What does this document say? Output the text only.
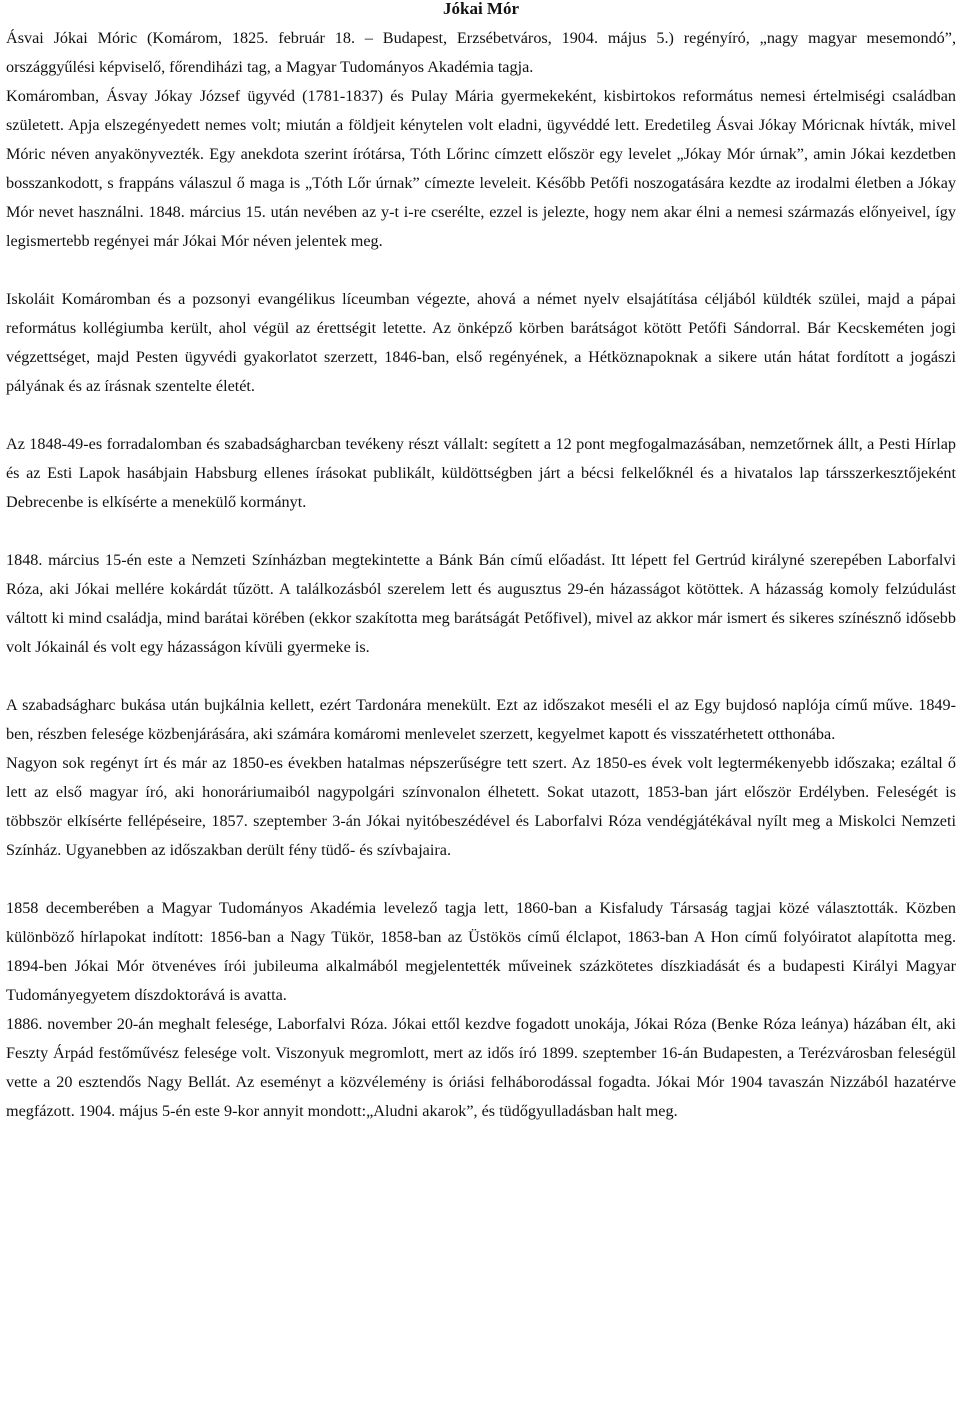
Jókai Mór

Ásvai Jókai Móric (Komárom, 1825. február 18. – Budapest, Erzsébetváros, 1904. május 5.) regényíró, „nagy magyar mesemondó”, országgyűlési képviselő, főrendiházi tag, a Magyar Tudományos Akadémia tagja.

Komáromban, Ásvay Jókay József ügyvéd (1781-1837) és Pulay Mária gyermekeként, kisbirtokos református nemesi értelmiségi családban született. Apja elszegényedett nemes volt; miután a földjeit kénytelen volt eladni, ügyvéddé lett. Eredetileg Ásvai Jókay Móricnak hívták, mivel Móric néven anyakönyvezték. Egy anekdota szerint írótársa, Tóth Lőrinc címzett először egy levelet „Jókay Mór úrnak”, amin Jókai kezdetben bosszankodott, s frappáns válaszul ő maga is „Tóth Lőr úrnak” címezte leveleit. Később Petőfi noszogatására kezdte az irodalmi életben a Jókay Mór nevet használni. 1848. március 15. után nevében az y-t i-re cserélte, ezzel is jelezte, hogy nem akar élni a nemesi származás előnyeivel, így legismertebb regényei már Jókai Mór néven jelentek meg.

Iskoláit Komáromban és a pozsonyi evangélikus líceumban végezte, ahová a német nyelv elsajátítása céljából küldték szülei, majd a pápai református kollégiumba került, ahol végül az érettségit letette. Az önképző körben barátságot kötött Petőfi Sándorral. Bár Kecskeméten jogi végzettséget, majd Pesten ügyvédi gyakorlatot szerzett, 1846-ban, első regényének, a Hétköznapoknak a sikere után hátat fordított a jogászi pályának és az írásnak szentelte életét.

Az 1848-49-es forradalomban és szabadságharcban tevékeny részt vállalt: segített a 12 pont megfogalmazásában, nemzetőrnek állt, a Pesti Hírlap és az Esti Lapok hasábjain Habsburg ellenes írásokat publikált, küldöttségben járt a bécsi felkelőknél és a hivatalos lap társszerkesztőjeként Debrecenbe is elkísérte a menekülő kormányt.

1848. március 15-én este a Nemzeti Színházban megtekintette a Bánk Bán című előadást. Itt lépett fel Gertrúd királyné szerepében Laborfalvi Róza, aki Jókai mellére kokárdát tűzött. A találkozásból szerelem lett és augusztus 29-én házasságot kötöttek. A házasság komoly felzúdulást váltott ki mind családja, mind barátai körében (ekkor szakította meg barátságát Petőfivel), mivel az akkor már ismert és sikeres színésznő idősebb volt Jókainál és volt egy házasságon kívüli gyermeke is.

A szabadságharc bukása után bujkálnia kellett, ezért Tardonára menekült. Ezt az időszakot meséli el az Egy bujdosó naplója című műve. 1849-ben, részben felesége közbenjárására, aki számára komáromi menlevelet szerzett, kegyelmet kapott és visszatérhetett otthonába.

Nagyon sok regényt írt és már az 1850-es években hatalmas népszerűségre tett szert. Az 1850-es évek volt legtermékenyebb időszaka; ezáltal ő lett az első magyar író, aki honoráriumaiból nagypolgári színvonalon élhetett. Sokat utazott, 1853-ban járt először Erdélyben. Feleségét is többször elkísérte fellépéseire, 1857. szeptember 3-án Jókai nyitóbeszédével és Laborfalvi Róza vendégjátékával nyílt meg a Miskolci Nemzeti Színház. Ugyanebben az időszakban derült fény tüdő- és szívbajaira.

1858 decemberében a Magyar Tudományos Akadémia levelező tagja lett, 1860-ban a Kisfaludy Társaság tagjai közé választották. Közben különböző hírlapokat indított: 1856-ban a Nagy Tükör, 1858-ban az Üstökös című élclapot, 1863-ban A Hon című folyóiratot alapította meg. 1894-ben Jókai Mór ötvenéves írói jubileuma alkalmából megjelentették műveinek százkötetes díszkiadását és a budapesti Királyi Magyar Tudományegyetem díszdoktorává is avatta.

1886. november 20-án meghalt felesége, Laborfalvi Róza. Jókai ettől kezdve fogadott unokája, Jókai Róza (Benke Róza leánya) házában élt, aki Feszty Árpád festőművész felesége volt. Viszonyuk megromlott, mert az idős író 1899. szeptember 16-án Budapesten, a Terézvárosban feleségül vette a 20 esztendős Nagy Bellát. Az eseményt a közvélemény is óriási felháborodással fogadta. Jókai Mór 1904 tavaszán Nizzából hazatérve megfázott. 1904. május 5-én este 9-kor annyit mondott:„Aludni akarok”, és tüdőgyulladásban halt meg.
